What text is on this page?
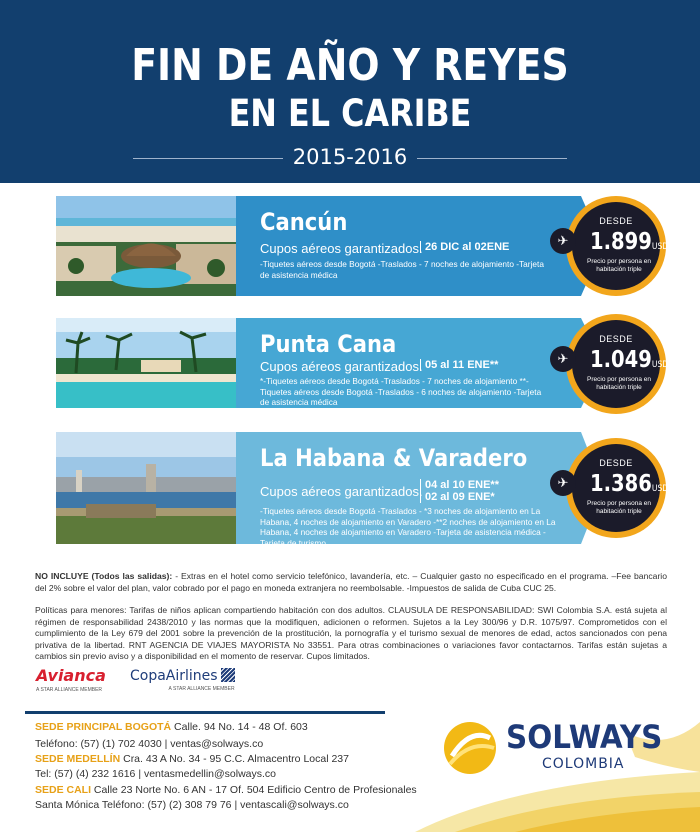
FIN DE AÑO Y REYES
EN EL CARIBE
2015-2016
Cancún
Cupos aéreos garantizados. 26 DIC al 02ENE
-Tiquetes aéreos desde Bogotá -Traslados - 7 noches de alojamiento -Tarjeta de asistencia médica
DESDE
1.899USD
Precio por persona en habitación triple
✈
Punta Cana
Cupos aéreos garantizados. 05 al 11 ENE**
*-Tiquetes aéreos desde Bogotá -Traslados - 7 noches de alojamiento **-Tiquetes aéreos desde Bogotá -Traslados - 6 noches de alojamiento -Tarjeta de asistencia médica
DESDE
1.049USD
Precio por persona en habitación triple
✈
La Habana & Varadero
Cupos aéreos garantizados. 04 al 10 ENE**
02 al 09 ENE*
-Tiquetes aéreos desde Bogotá -Traslados - *3 noches de alojamiento en La Habana, 4 noches de alojamiento en Varadero -**2 noches de alojamiento en La Habana, 4 noches de alojamiento en Varadero -Tarjeta de asistencia médica -Tarjeta de turismo
DESDE
1.386USD
Precio por persona en habitación triple
✈
NO INCLUYE (Todos las salidas): - Extras en el hotel como servicio telefónico, lavandería, etc. – Cualquier gasto no especificado en el programa. –Fee bancario del 2% sobre el valor del plan, valor cobrado por el pago en moneda extranjera no reembolsable. -Impuestos de salida de Cuba CUC 25.
Políticas para menores: Tarifas de niños aplican compartiendo habitación con dos adultos. CLAUSULA DE RESPONSABILIDAD: SWI Colombia S.A. está sujeta al régimen de responsabilidad 2438/2010 y las normas que la modifiquen, adicionen o reformen. Sujetos a la Ley 300/96 y D.R. 1075/97. Comprometidos con el cumplimiento de la Ley 679 del 2001 sobre la prevención de la prostitución, la pornografía y el turismo sexual de menores de edad, actos sancionados con pena privativa de la libertad. RNT AGENCIA DE VIAJES MAYORISTA No 33551. Para otras combinaciones o variaciones favor contactarnos. Tarifas están sujetas a cambios sin previo aviso y a disponibilidad en el momento de reservar. Cupos limitados.
Avianca
A STAR ALLIANCE MEMBER
CopaAirlines
A STAR ALLIANCE MEMBER
SEDE PRINCIPAL BOGOTÁ Calle. 94 No. 14 - 48 Of. 603
Teléfono: (57) (1) 702 4030 | ventas@solways.co
SEDE MEDELLÍN Cra. 43 A No. 34 - 95 C.C. Almacentro Local 237
Tel: (57) (4) 232 1616 | ventasmedellin@solways.co
SEDE CALI Calle 23 Norte No. 6 AN - 17 Of. 504 Edificio Centro de Profesionales
Santa Mónica Teléfono: (57) (2) 308 79 76 | ventascali@solways.co
SOLWAYS
COLOMBIA
